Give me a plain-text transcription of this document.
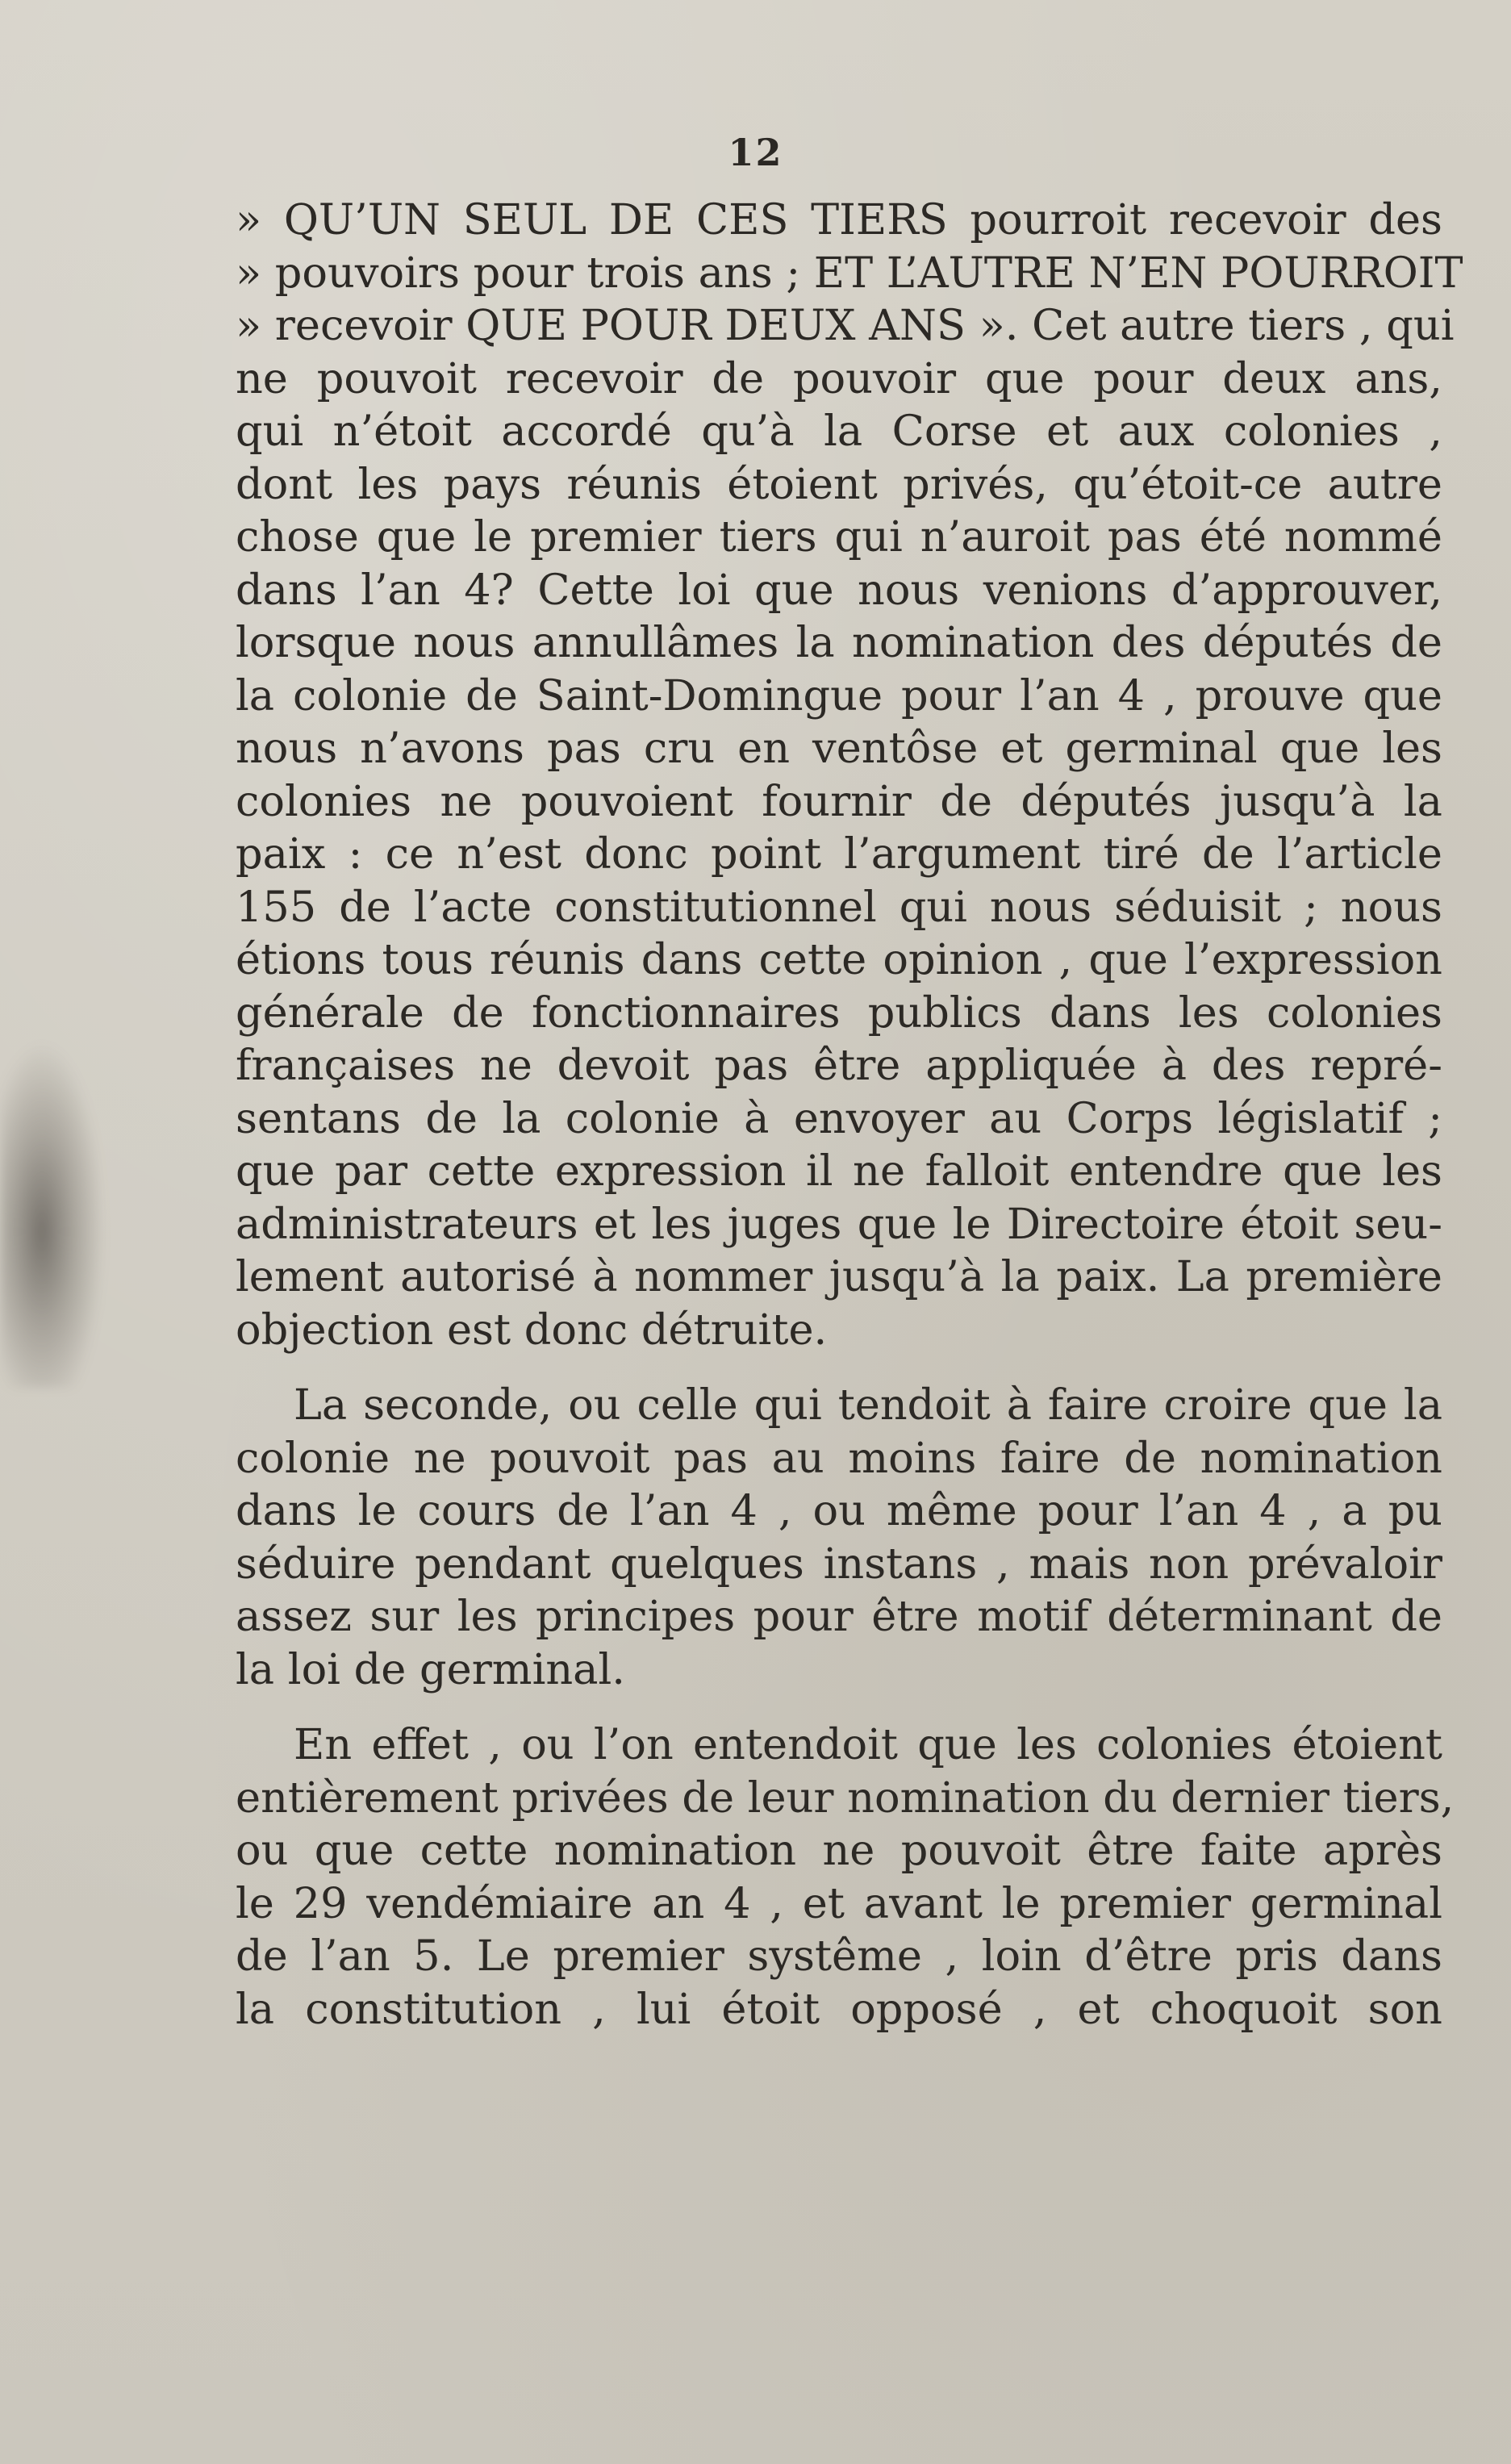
12
» QU’UN SEUL DE CES TIERS pourroit recevoir des
» pouvoirs pour trois ans ; ET L’AUTRE N’EN POURROIT
» recevoir QUE POUR DEUX ANS ». Cet autre tiers , qui
ne pouvoit recevoir de pouvoir que pour deux ans,
qui n’étoit accordé qu’à la Corse et aux colonies ,
dont les pays réunis étoient privés, qu’étoit-ce autre
chose que le premier tiers qui n’auroit pas été nommé
dans l’an 4? Cette loi que nous venions d’approuver,
lorsque nous annullâmes la nomination des députés de
la colonie de Saint-Domingue pour l’an 4 , prouve que
nous n’avons pas cru en ventôse et germinal que les
colonies ne pouvoient fournir de députés jusqu’à la
paix : ce n’est donc point l’argument tiré de l’article
155 de l’acte constitutionnel qui nous séduisit ; nous
étions tous réunis dans cette opinion , que l’expression
générale de fonctionnaires publics dans les colonies
françaises ne devoit pas être appliquée à des repré-
sentans de la colonie à envoyer au Corps législatif ;
que par cette expression il ne falloit entendre que les
administrateurs et les juges que le Directoire étoit seu-
lement autorisé à nommer jusqu’à la paix. La première
objection est donc détruite.
La seconde, ou celle qui tendoit à faire croire que la
colonie ne pouvoit pas au moins faire de nomination
dans le cours de l’an 4 , ou même pour l’an 4 , a pu
séduire pendant quelques instans , mais non prévaloir
assez sur les principes pour être motif déterminant de
la loi de germinal.
En effet , ou l’on entendoit que les colonies étoient
entièrement privées de leur nomination du dernier tiers,
ou que cette nomination ne pouvoit être faite après
le 29 vendémiaire an 4 , et avant le premier germinal
de l’an 5. Le premier systême , loin d’être pris dans
la constitution , lui étoit opposé , et choquoit son
